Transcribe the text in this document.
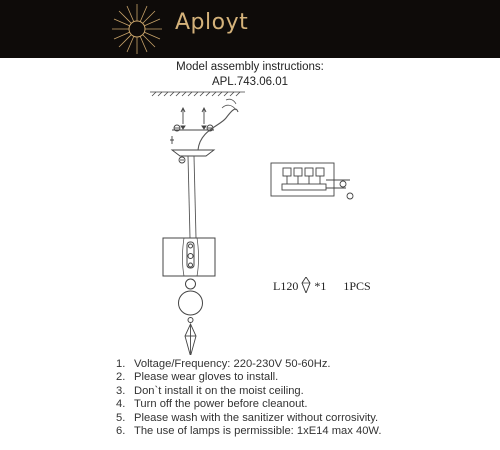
Aployt
Model assembly instructions:
APL.743.06.01
L120 *1 1PCS
1. Voltage/Frequency: 220-230V 50-60Hz.
2. Please wear gloves to install.
3. Don`t install it on the moist ceiling.
4. Turn off the power before cleanout.
5. Please wash with the sanitizer without corrosivity.
6. The use of lamps is permissible: 1xE14 max 40W.
